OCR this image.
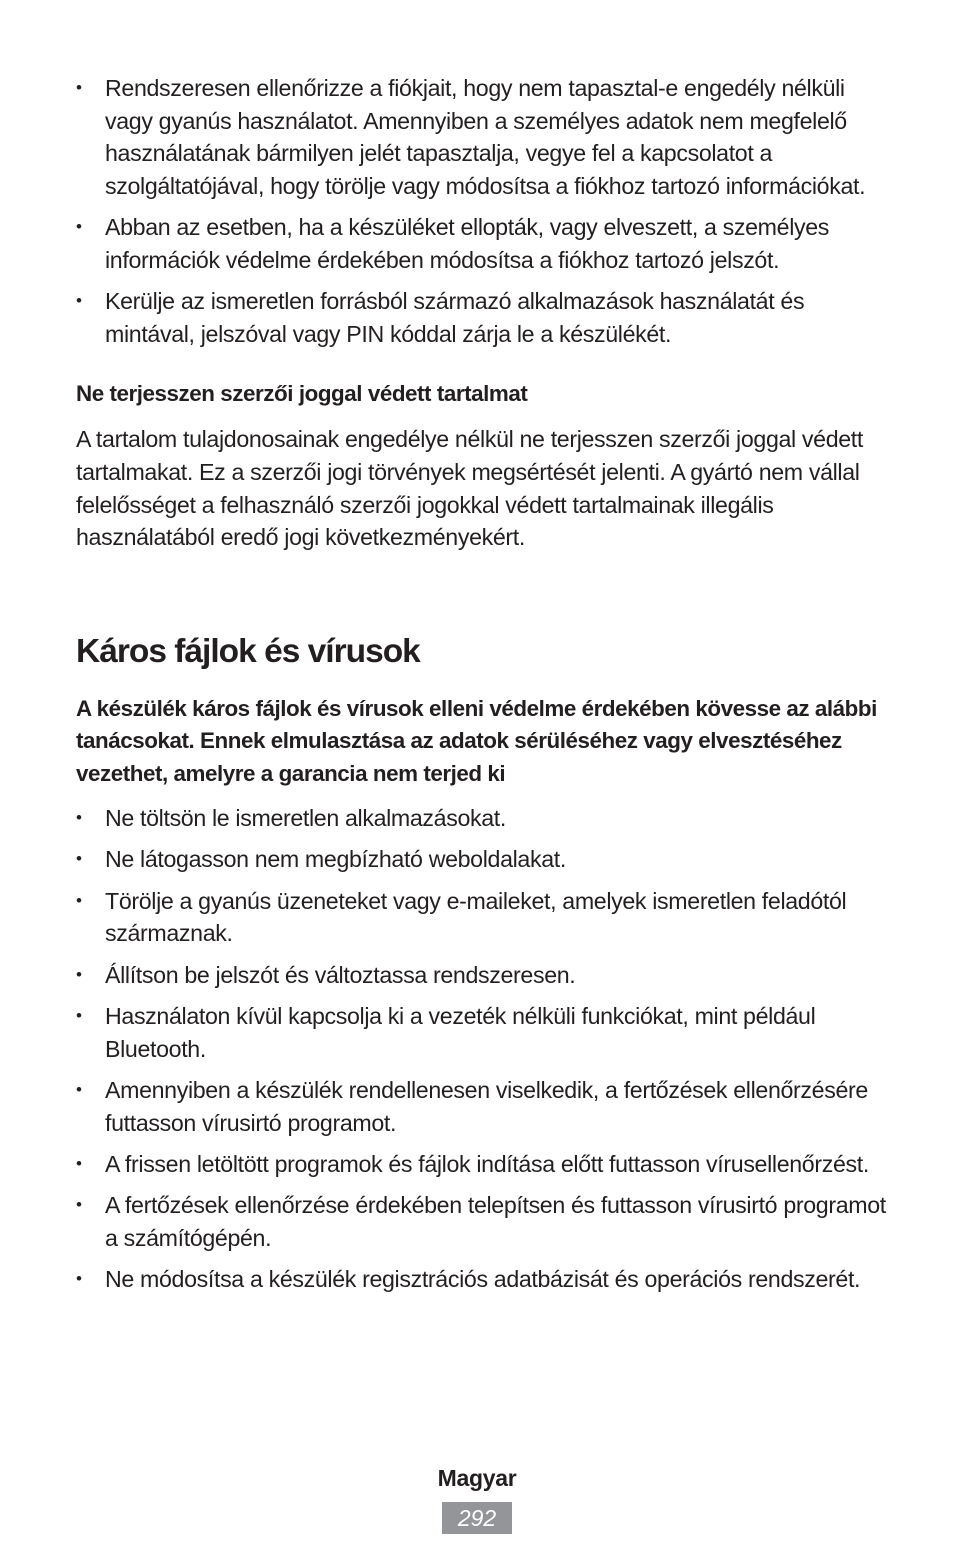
• Rendszeresen ellenőrizze a fiókjait, hogy nem tapasztal-e engedély nélküli vagy gyanús használatot. Amennyiben a személyes adatok nem megfelelő használatának bármilyen jelét tapasztalja, vegye fel a kapcsolatot a szolgáltatójával, hogy törölje vagy módosítsa a fiókhoz tartozó információkat.
• Abban az esetben, ha a készüléket ellopták, vagy elveszett, a személyes információk védelme érdekében módosítsa a fiókhoz tartozó jelszót.
• Kerülje az ismeretlen forrásból származó alkalmazások használatát és mintával, jelszóval vagy PIN kóddal zárja le a készülékét.

Ne terjesszen szerzői joggal védett tartalmat

A tartalom tulajdonosainak engedélye nélkül ne terjesszen szerzői joggal védett tartalmakat. Ez a szerzői jogi törvények megsértését jelenti. A gyártó nem vállal felelősséget a felhasználó szerzői jogokkal védett tartalmainak illegális használatából eredő jogi következményekért.

Káros fájlok és vírusok

A készülék káros fájlok és vírusok elleni védelme érdekében kövesse az alábbi tanácsokat. Ennek elmulasztása az adatok sérüléséhez vagy elvesztéséhez vezethet, amelyre a garancia nem terjed ki

• Ne töltsön le ismeretlen alkalmazásokat.
• Ne látogasson nem megbízható weboldalakat.
• Törölje a gyanús üzeneteket vagy e-maileket, amelyek ismeretlen feladótól származnak.
• Állítson be jelszót és változtassa rendszeresen.
• Használaton kívül kapcsolja ki a vezeték nélküli funkciókat, mint például Bluetooth.
• Amennyiben a készülék rendellenesen viselkedik, a fertőzések ellenőrzésére futtasson vírusirtó programot.
• A frissen letöltött programok és fájlok indítása előtt futtasson vírusellenőrzést.
• A fertőzések ellenőrzése érdekében telepítsen és futtasson vírusirtó programot a számítógépén.
• Ne módosítsa a készülék regisztrációs adatbázisát és operációs rendszerét.
Magyar
292
